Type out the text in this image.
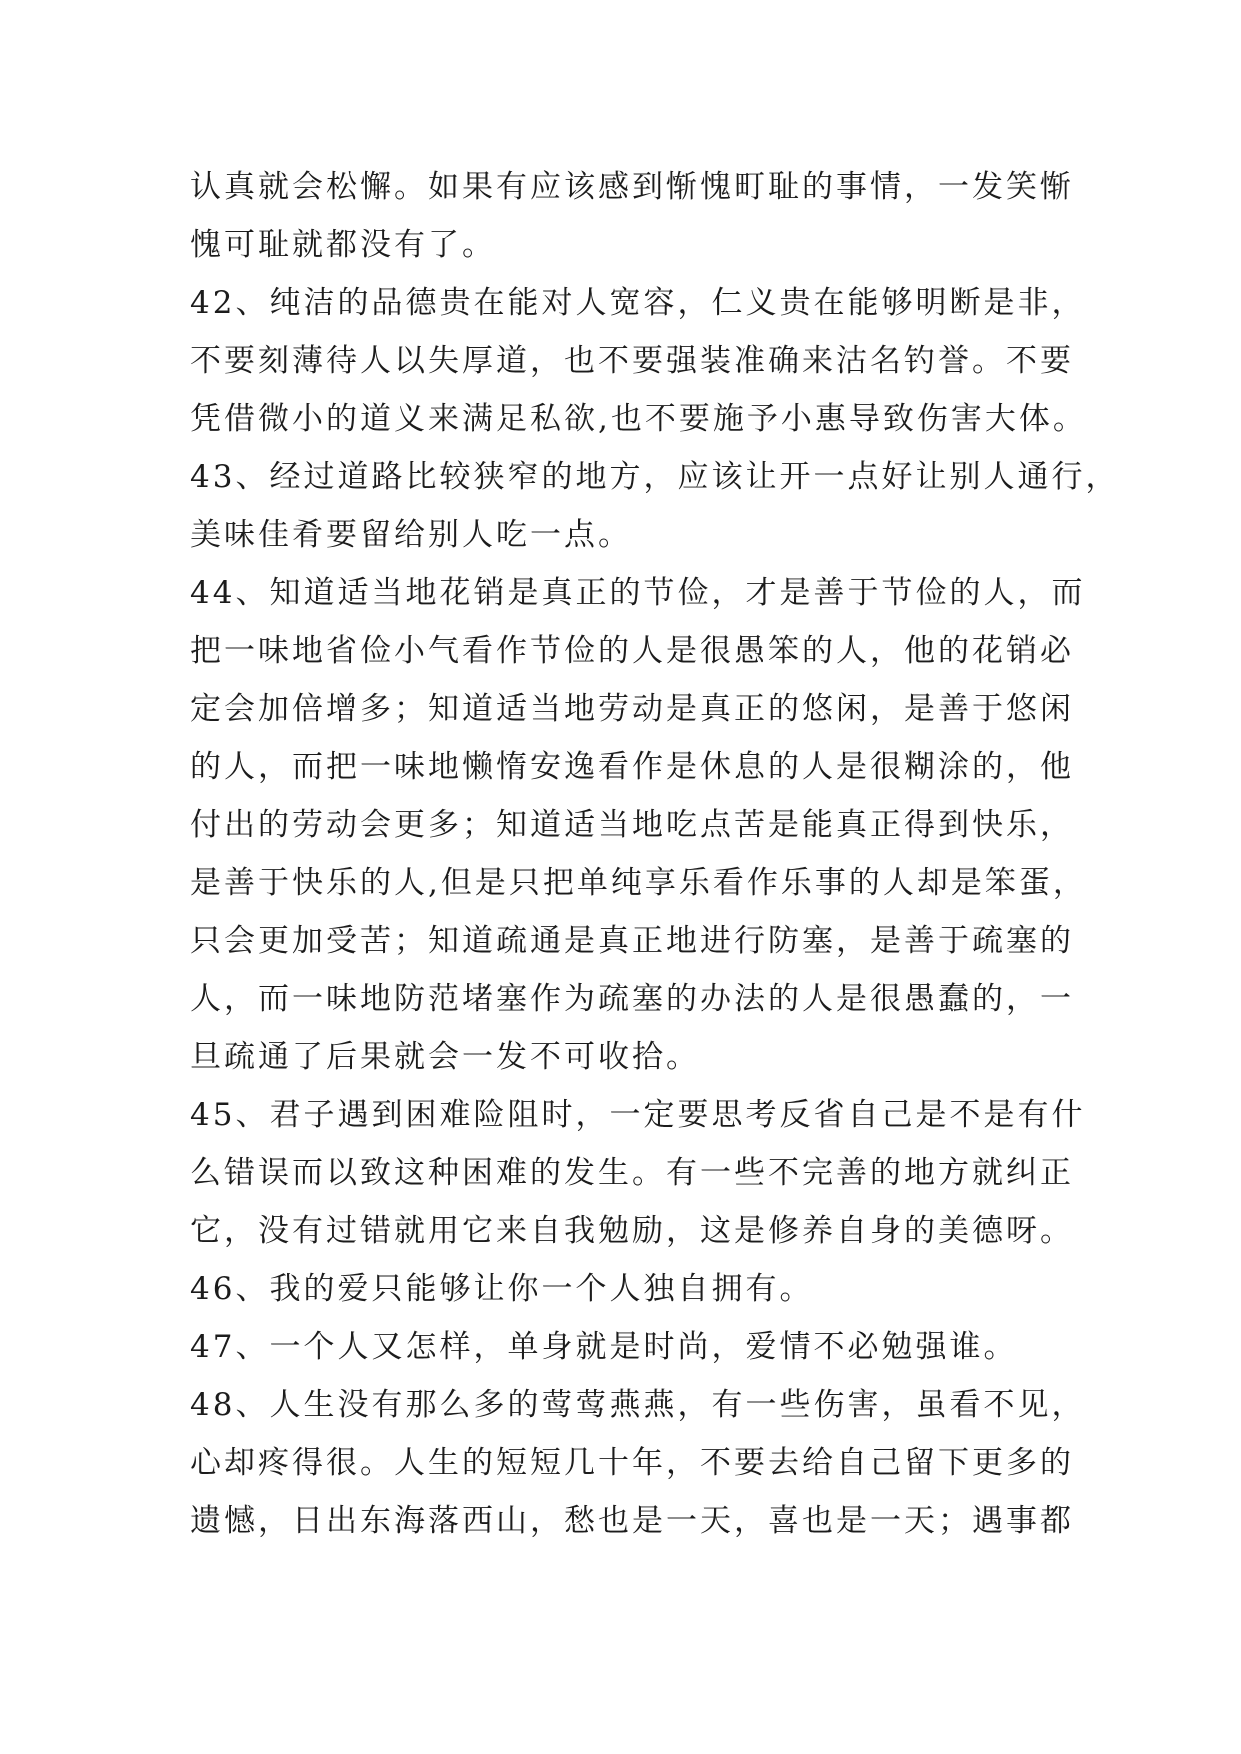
认真就会松懈。如果有应该感到惭愧町耻的事情，一发笑惭
愧可耻就都没有了。
42、纯洁的品德贵在能对人宽容，仁义贵在能够明断是非，
不要刻薄待人以失厚道，也不要强装准确来沽名钓誉。不要
凭借微小的道义来满足私欲,也不要施予小惠导致伤害大体。
43、经过道路比较狭窄的地方，应该让开一点好让别人通行，
美味佳肴要留给别人吃一点。
44、知道适当地花销是真正的节俭，才是善于节俭的人，而
把一味地省俭小气看作节俭的人是很愚笨的人，他的花销必
定会加倍增多；知道适当地劳动是真正的悠闲，是善于悠闲
的人，而把一味地懒惰安逸看作是休息的人是很糊涂的，他
付出的劳动会更多；知道适当地吃点苦是能真正得到快乐，
是善于快乐的人,但是只把单纯享乐看作乐事的人却是笨蛋，
只会更加受苦；知道疏通是真正地进行防塞，是善于疏塞的
人，而一味地防范堵塞作为疏塞的办法的人是很愚蠢的，一
旦疏通了后果就会一发不可收拾。
45、君子遇到困难险阻时，一定要思考反省自己是不是有什
么错误而以致这种困难的发生。有一些不完善的地方就纠正
它，没有过错就用它来自我勉励，这是修养自身的美德呀。
46、我的爱只能够让你一个人独自拥有。
47、一个人又怎样，单身就是时尚，爱情不必勉强谁。
48、人生没有那么多的莺莺燕燕，有一些伤害，虽看不见，
心却疼得很。人生的短短几十年，不要去给自己留下更多的
遗憾，日出东海落西山，愁也是一天，喜也是一天；遇事都
